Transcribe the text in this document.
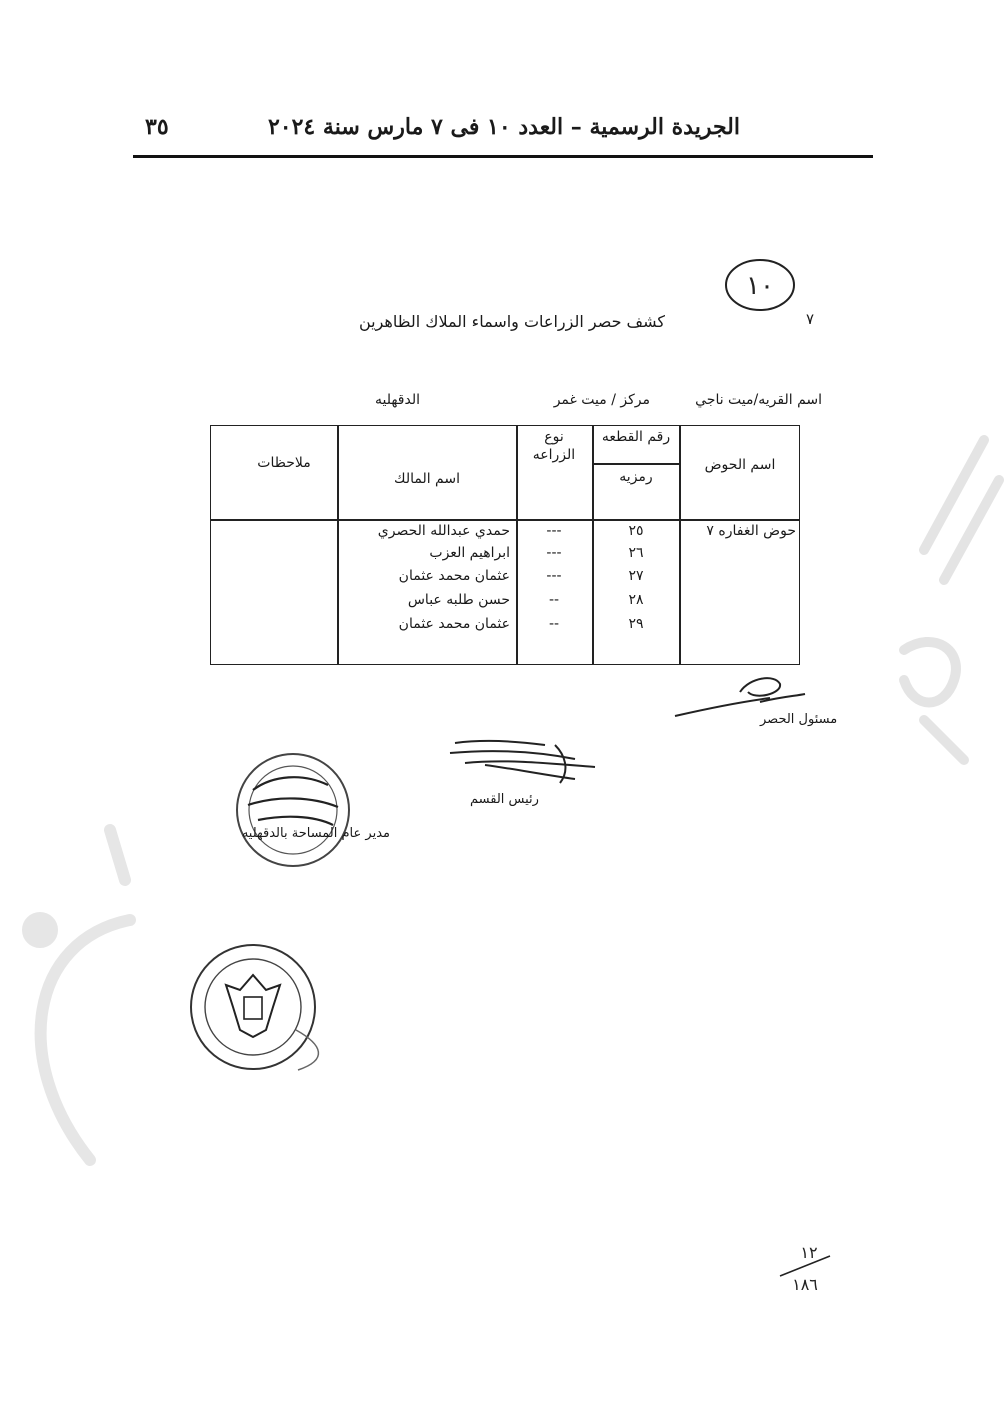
الجريدة الرسمية – العدد ١٠ فى ٧ مارس سنة ٢٠٢٤
٣٥
١٠
٧
كشف حصر الزراعات واسماء الملاك الظاهرين
اسم القريه/ميت ناجي
مركز / ميت غمر
الدقهليه
اسم الحوض
رقم القطعه
رمزيه
نوع
الزراعه
اسم المالك
ملاحظات
حوض الغفاره ٧
٢٥
---
حمدي عبدالله الحصري
٢٦
---
ابراهيم العزب
٢٧
---
عثمان محمد عثمان
٢٨
--
حسن طلبه عباس
٢٩
--
عثمان محمد عثمان
مسئول الحصر
رئيس القسم
مدير عام المساحة بالدقهليه
١٢
١٨٦
